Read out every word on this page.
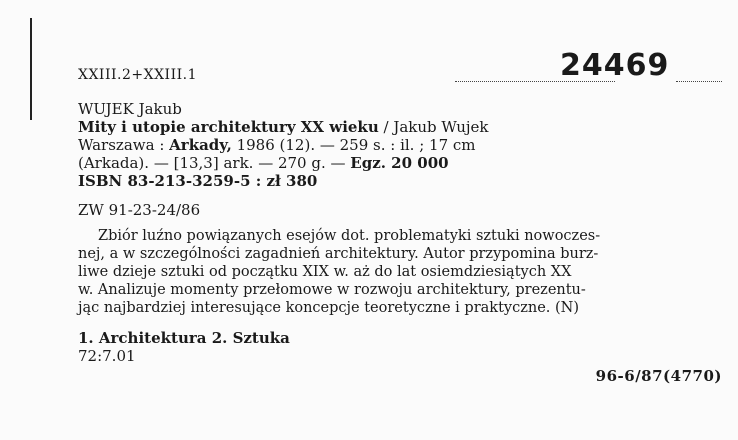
XXIII.2+XXIII.1	24469
WUJEK Jakub
Mity i utopie architektury XX wieku / Jakub Wujek
Warszawa : Arkady, 1986 (12). — 259 s. : il. ; 17 cm
(Arkada). — [13,3] ark. — 270 g. — Egz. 20 000
ISBN 83-213-3259-5 : zł 380
ZW 91-23-24/86
Zbiór luźno powiązanych esejów dot. problematyki sztuki nowoczes-
nej, a w szczególności zagadnień architektury. Autor przypomina burz-
liwe dzieje sztuki od początku XIX w. aż do lat osiemdziesiątych XX
w. Analizuje momenty przełomowe w rozwoju architektury, prezentu-
jąc najbardziej interesujące koncepcje teoretyczne i praktyczne. (N)
1. Architektura 2. Sztuka
72:7.01
96-6/87(4770)
